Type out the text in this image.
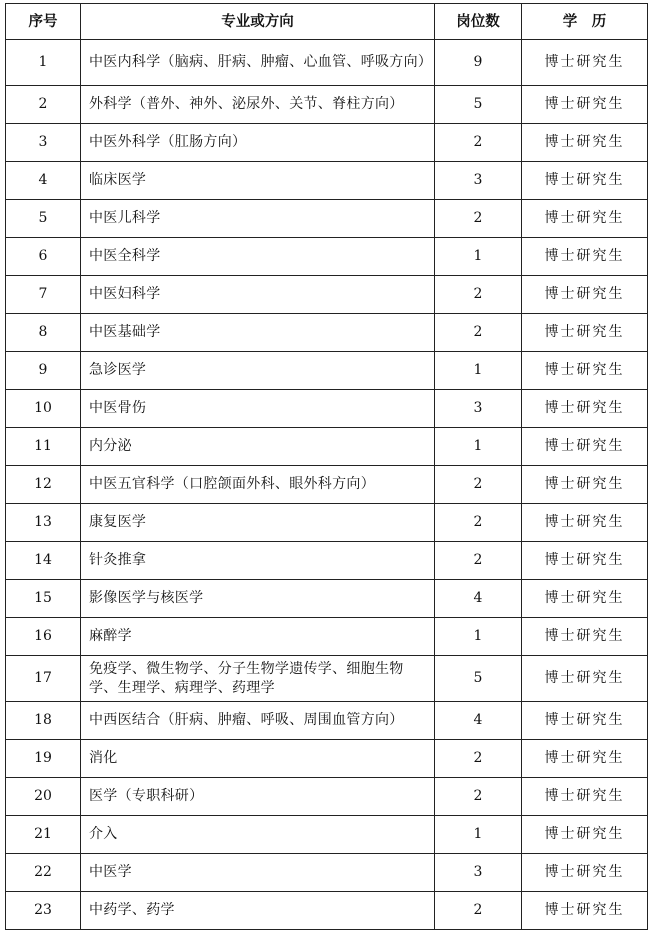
序号	专业或方向	岗位数	学　历
1	中医内科学（脑病、肝病、肿瘤、心血管、呼吸方向）	9	博士研究生
2	外科学（普外、神外、泌尿外、关节、脊柱方向）	5	博士研究生
3	中医外科学（肛肠方向）	2	博士研究生
4	临床医学	3	博士研究生
5	中医儿科学	2	博士研究生
6	中医全科学	1	博士研究生
7	中医妇科学	2	博士研究生
8	中医基础学	2	博士研究生
9	急诊医学	1	博士研究生
10	中医骨伤	3	博士研究生
11	内分泌	1	博士研究生
12	中医五官科学（口腔颌面外科、眼外科方向）	2	博士研究生
13	康复医学	2	博士研究生
14	针灸推拿	2	博士研究生
15	影像医学与核医学	4	博士研究生
16	麻醉学	1	博士研究生
17	免疫学、微生物学、分子生物学遗传学、细胞生物学、生理学、病理学、药理学	5	博士研究生
18	中西医结合（肝病、肿瘤、呼吸、周围血管方向）	4	博士研究生
19	消化	2	博士研究生
20	医学（专职科研）	2	博士研究生
21	介入	1	博士研究生
22	中医学	3	博士研究生
23	中药学、药学	2	博士研究生
